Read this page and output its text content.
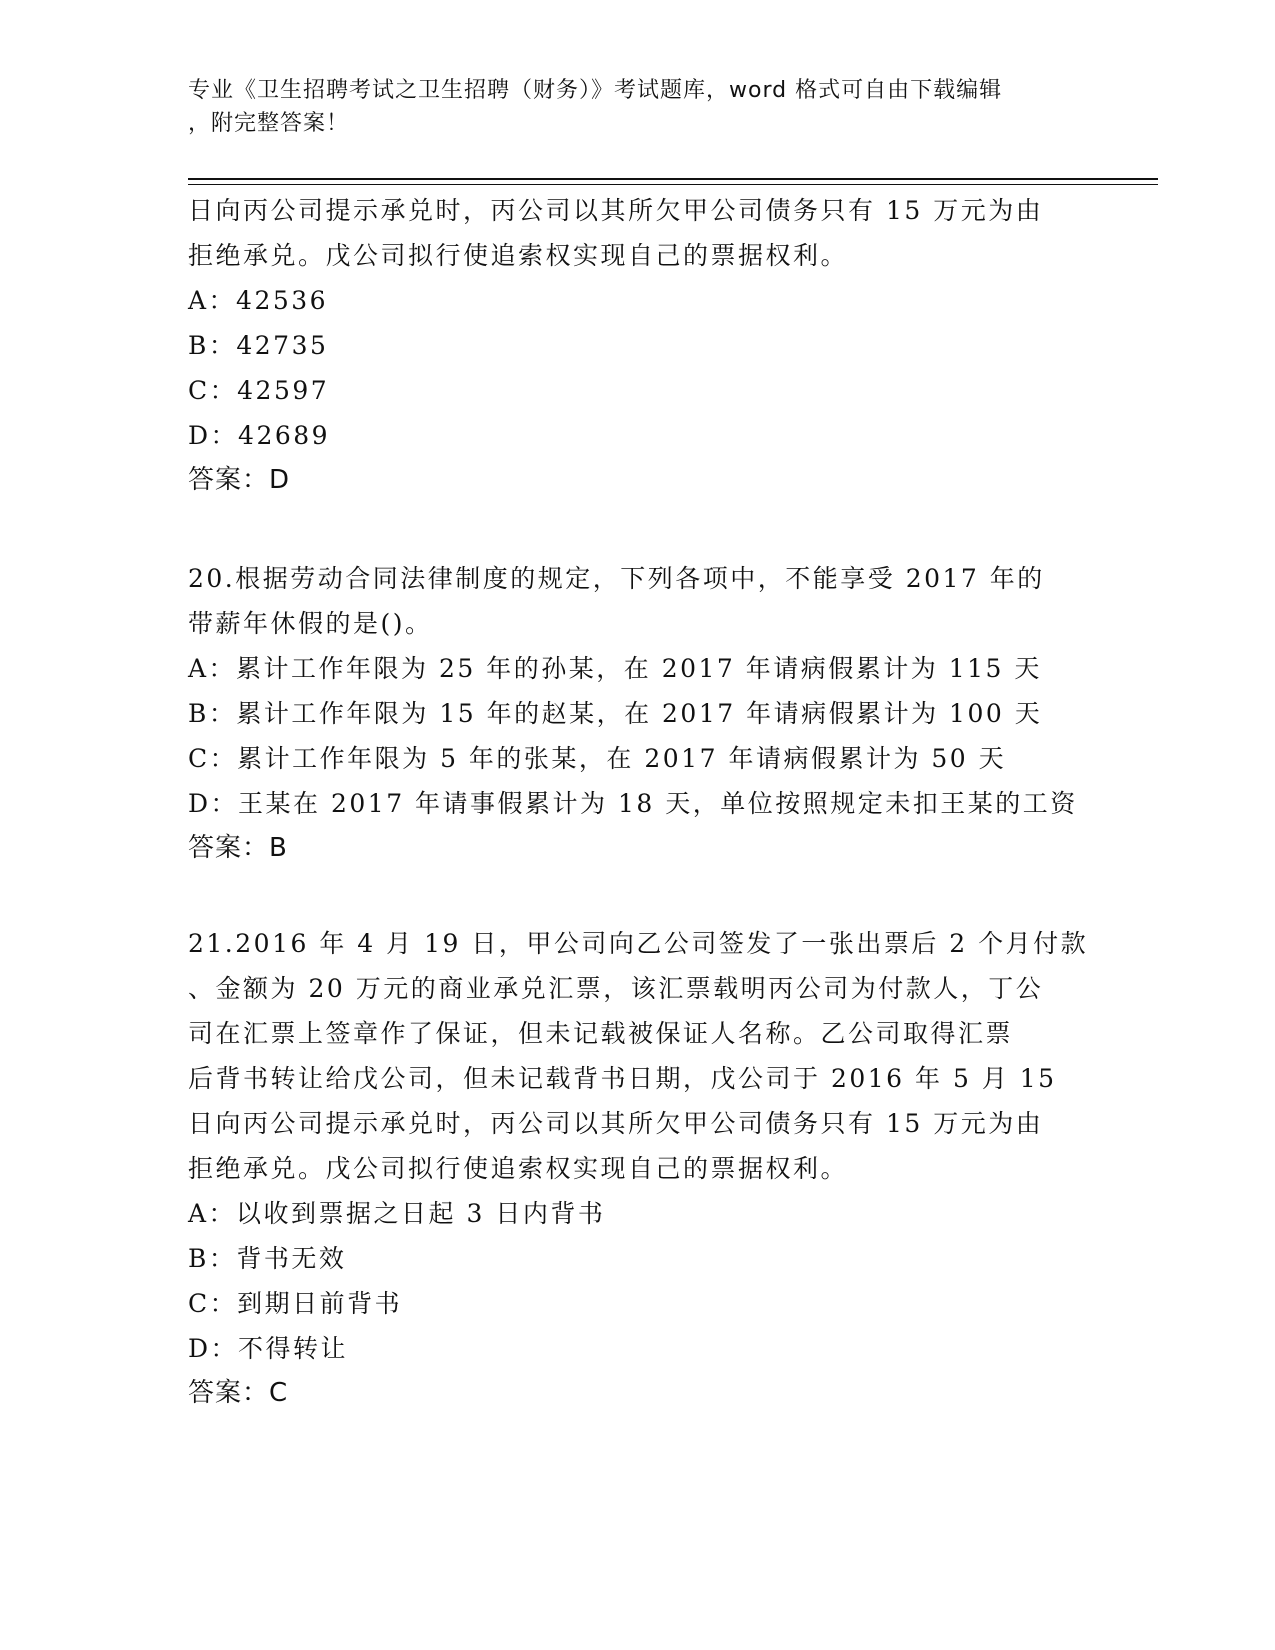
专业《卫生招聘考试之卫生招聘（财务）》考试题库，word 格式可自由下载编辑
，附完整答案！
日向丙公司提示承兑时，丙公司以其所欠甲公司债务只有 15 万元为由
拒绝承兑。戊公司拟行使追索权实现自己的票据权利。
A：42536
B：42735
C：42597
D：42689
答案：D
20.根据劳动合同法律制度的规定，下列各项中，不能享受 2017 年的
带薪年休假的是()。
A：累计工作年限为 25 年的孙某，在 2017 年请病假累计为 115 天
B：累计工作年限为 15 年的赵某，在 2017 年请病假累计为 100 天
C：累计工作年限为 5 年的张某，在 2017 年请病假累计为 50 天
D：王某在 2017 年请事假累计为 18 天，单位按照规定未扣王某的工资
答案：B
21.2016 年 4 月 19 日，甲公司向乙公司签发了一张出票后 2 个月付款
、金额为 20 万元的商业承兑汇票，该汇票载明丙公司为付款人，丁公
司在汇票上签章作了保证，但未记载被保证人名称。乙公司取得汇票
后背书转让给戊公司，但未记载背书日期，戊公司于 2016 年 5 月 15
日向丙公司提示承兑时，丙公司以其所欠甲公司债务只有 15 万元为由
拒绝承兑。戊公司拟行使追索权实现自己的票据权利。
A：以收到票据之日起 3 日内背书
B：背书无效
C：到期日前背书
D：不得转让
答案：C
